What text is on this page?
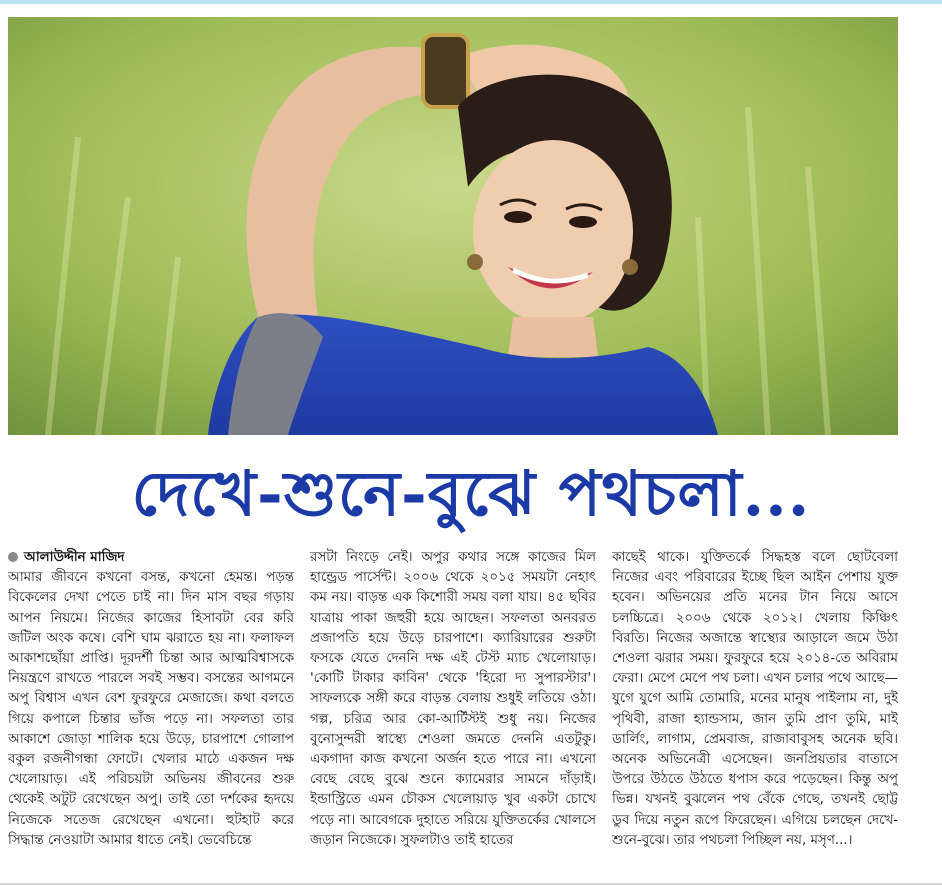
দেখে-শুনে-বুঝে পথচলা...
আলাউদ্দীন মাজিদ

আমার জীবনে কখনো বসন্ত, কখনো হেমন্ত। পড়ন্ত বিকেলের দেখা পেতে চাই না। দিন মাস বছর গড়ায় আপন নিয়মে। নিজের কাজের হিসাবটা বের করি জটিল অংক কষে। বেশি ঘাম ঝরাতে হয় না। ফলাফল আকাশছোঁয়া প্রাপ্তি। দূরদর্শী চিন্তা আর আত্মবিশ্বাসকে নিয়ন্ত্রণে রাখতে পারলে সবই সম্ভব। বসন্তের আগমনে অপু বিশ্বাস এখন বেশ ফুরফুরে মেজাজে। কথা বলতে গিয়ে কপালে চিন্তার ভাঁজ পড়ে না। সফলতা তার আকাশে জোড়া শালিক হয়ে উড়ে, চারপাশে গোলাপ বকুল রজনীগন্ধা ফোটে। খেলার মাঠে একজন দক্ষ খেলোয়াড়। এই পরিচয়টা অভিনয় জীবনের শুরু থেকেই অটুট রেখেছেন অপু। তাই তো দর্শকের হৃদয়ে নিজেকে সতেজ রেখেছেন এখনো। হুটহাট করে সিদ্ধান্ত নেওয়াটা আমার ধাতে নেই। ভেবেচিন্তে

রসটা নিংড়ে নেই। অপুর কথার সঙ্গে কাজের মিল হান্ড্রেড পার্সেন্ট। ২০০৬ থেকে ২০১৫ সময়টা নেহাৎ কম নয়। বাড়ন্ত এক কিশোরী সময় বলা যায়। ৪৫ ছবির যাত্রায় পাকা জহুরী হয়ে আছেন। সফলতা অনবরত প্রজাপতি হয়ে উড়ে চারপাশে। ক্যারিয়ারের শুরুটা ফসকে যেতে দেননি দক্ষ এই টেস্ট ম্যাচ খেলোয়াড়। 'কোটি টাকার কাবিন' থেকে 'হিরো দ্য সুপারস্টার'। সাফল্যকে সঙ্গী করে বাড়ন্ত বেলায় শুধুই লতিয়ে ওঠা। গল্প, চরিত্র আর কো-আর্টিস্টই শুধু নয়। নিজের বুনোসুন্দরী স্বাস্থ্যে শেওলা জমতে দেননি এতটুকু। একগাদা কাজ কখনো অর্জন হতে পারে না। এখনো বেছে বেছে বুঝে শুনে ক্যামেরার সামনে দাঁড়াই। ইন্ডাস্ট্রিতে এমন চৌকস খেলোয়াড় খুব একটা চোখে পড়ে না। আবেগকে দুহাতে সরিয়ে যুক্তিতর্কের খোলসে জড়ান নিজেকে। সুফলটাও তাই হাতের

কাছেই থাকে। যুক্তিতর্কে সিদ্ধহস্ত বলে ছোটবেলা নিজের এবং পরিবারের ইচ্ছে ছিল আইন পেশায় যুক্ত হবেন। অভিনয়ের প্রতি মনের টান নিয়ে আসে চলচ্চিত্রে। ২০০৬ থেকে ২০১২। খেলায় কিঞ্চিৎ বিরতি। নিজের অজান্তে স্বাস্থ্যের আড়ালে জমে উঠা শেওলা ঝরার সময়। ফুরফুরে হয়ে ২০১৪-তে অবিরাম ফেরা। মেপে মেপে পথ চলা। এখন চলার পথে আছে— যুগে যুগে আমি তোমারি, মনের মানুষ পাইলাম না, দুই পৃথিবী, রাজা হ্যান্ডসাম, জান তুমি প্রাণ তুমি, মাই ডার্লিং, লাগাম, প্রেমবাজ, রাজাবাবুসহ অনেক ছবি। অনেক অভিনেত্রী এসেছেন। জনপ্রিয়তার বাতাসে উপরে উঠতে উঠতে ধপাস করে পড়েছেন। কিন্তু অপু ভিন্ন। যখনই বুঝলেন পথ বেঁকে গেছে, তখনই ছোট্ট ডুব দিয়ে নতুন রূপে ফিরেছেন। এগিয়ে চলছেন দেখে-শুনে-বুঝে। তার পথচলা পিচ্ছিল নয়, মসৃণ...।
